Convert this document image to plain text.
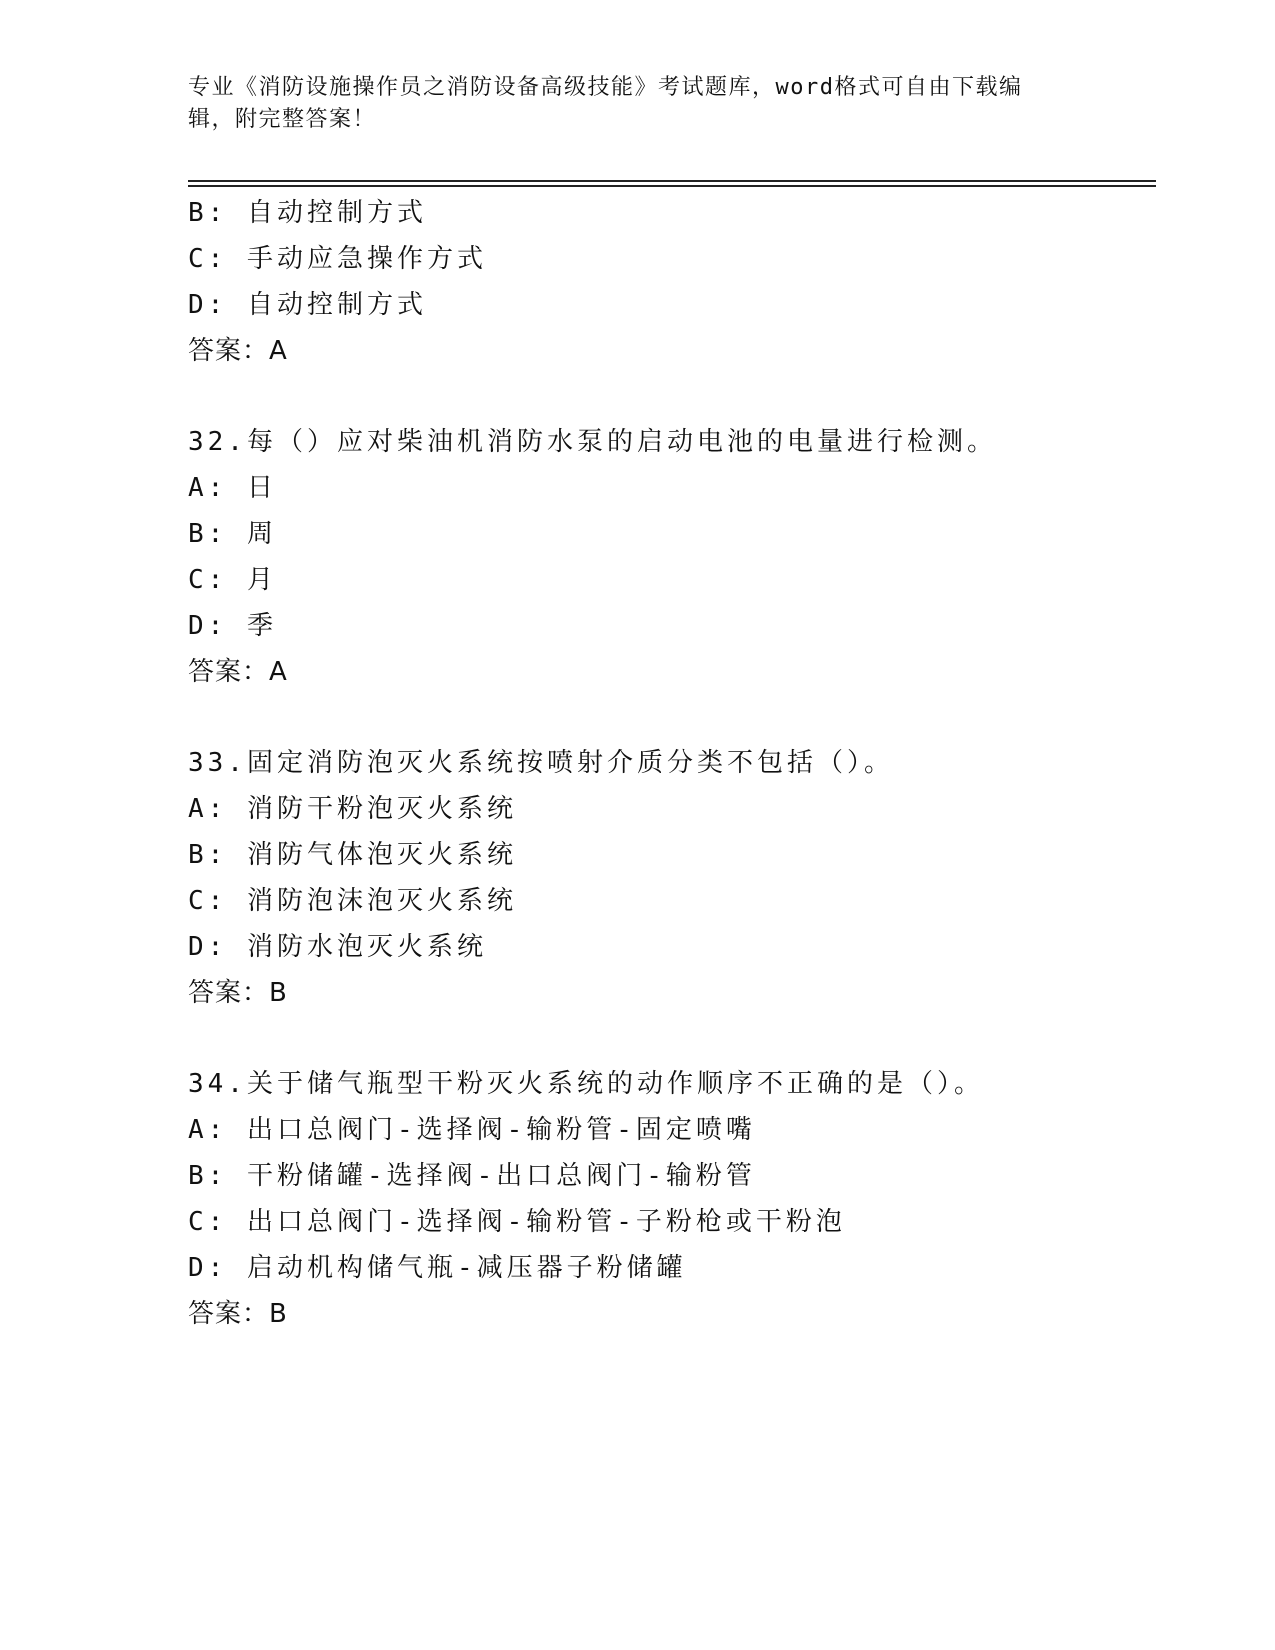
专业《消防设施操作员之消防设备高级技能》考试题库，word格式可自由下载编
辑，附完整答案！
B: 自动控制方式
C: 手动应急操作方式
D: 自动控制方式
答案：A
32.每（）应对柴油机消防水泵的启动电池的电量进行检测。
A: 日
B: 周
C: 月
D: 季
答案：A
33.固定消防泡灭火系统按喷射介质分类不包括（）。
A: 消防干粉泡灭火系统
B: 消防气体泡灭火系统
C: 消防泡沫泡灭火系统
D: 消防水泡灭火系统
答案：B
34.关于储气瓶型干粉灭火系统的动作顺序不正确的是（）。
A: 出口总阀门-选择阀-输粉管-固定喷嘴
B: 干粉储罐-选择阀-出口总阀门-输粉管
C: 出口总阀门-选择阀-输粉管-子粉枪或干粉泡
D: 启动机构储气瓶-减压器子粉储罐
答案：B
